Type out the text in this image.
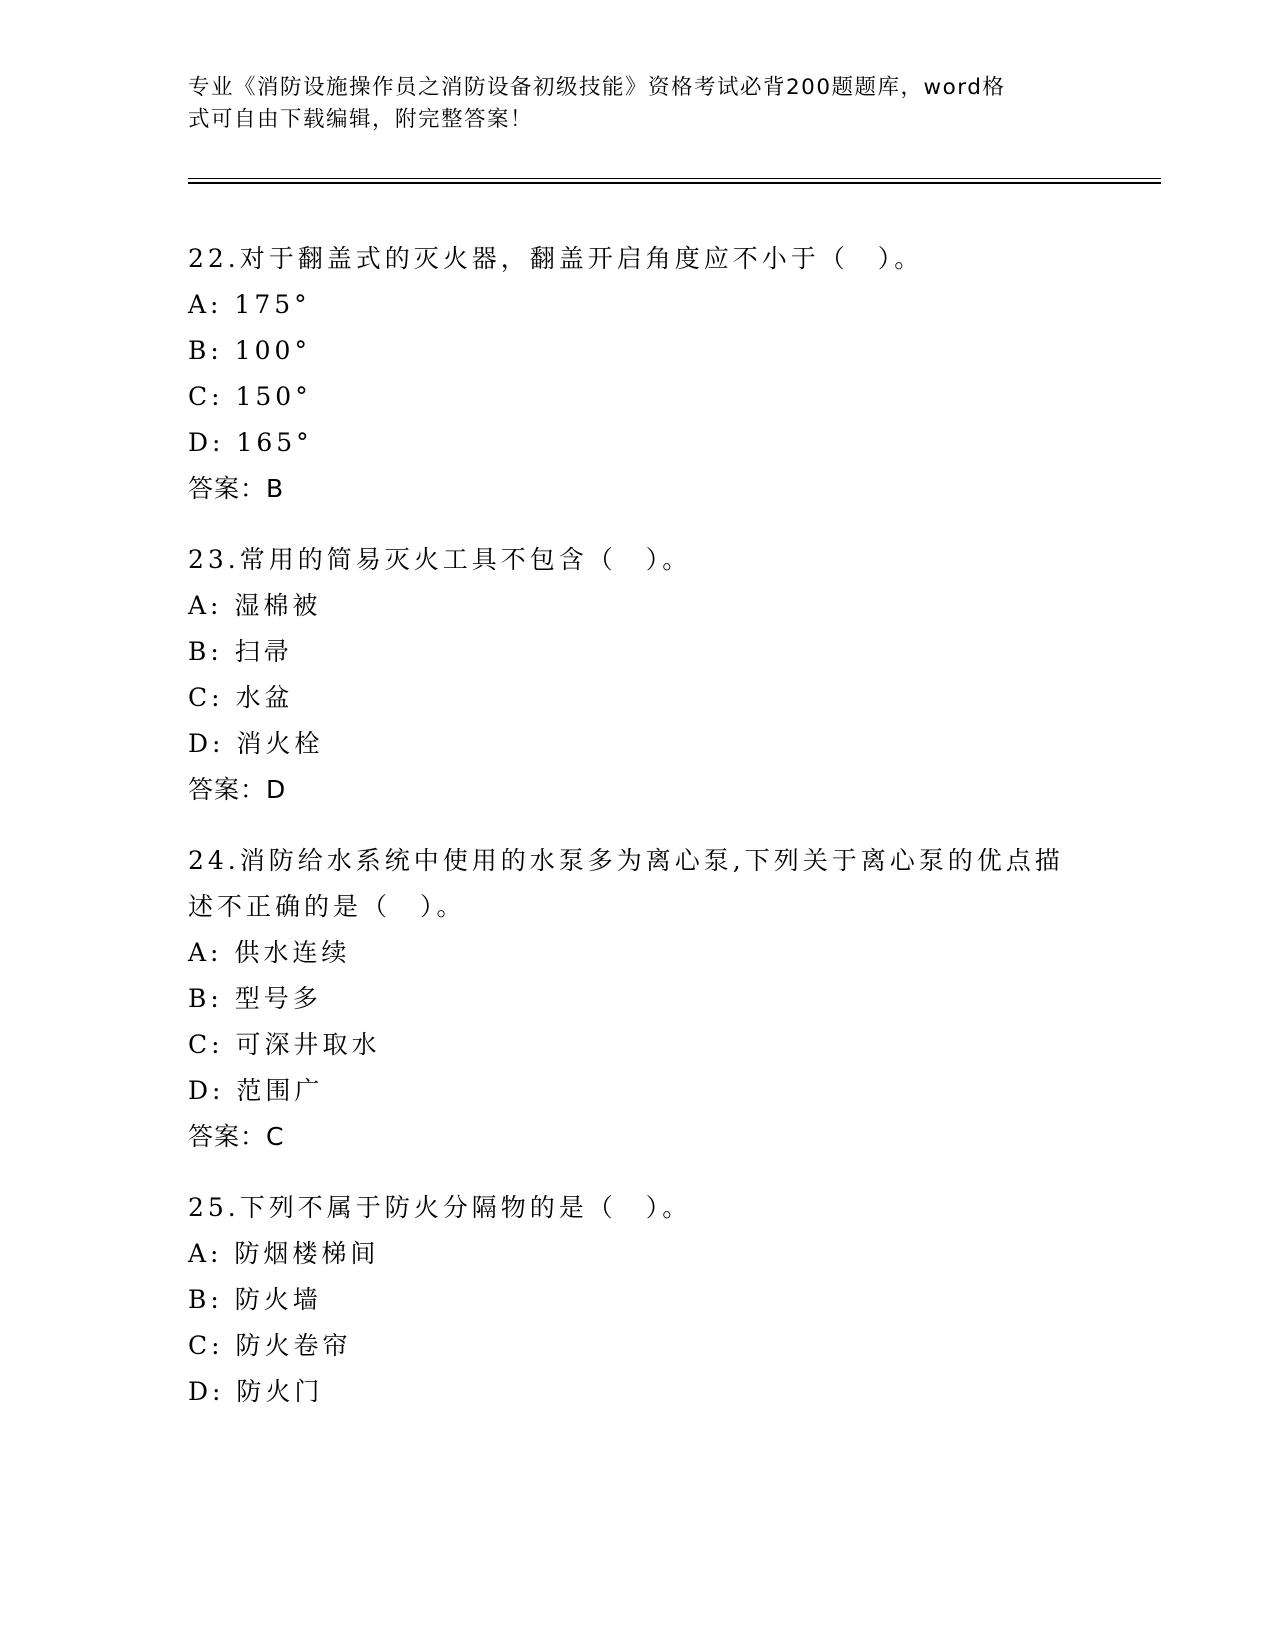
专业《消防设施操作员之消防设备初级技能》资格考试必背200题题库，word格
式可自由下载编辑，附完整答案！
22.对于翻盖式的灭火器，翻盖开启角度应不小于（　）。
A: 175°
B: 100°
C: 150°
D: 165°
答案：B
23.常用的简易灭火工具不包含（　）。
A: 湿棉被
B: 扫帚
C: 水盆
D: 消火栓
答案：D
24.消防给水系统中使用的水泵多为离心泵,下列关于离心泵的优点描
述不正确的是（　）。
A: 供水连续
B: 型号多
C: 可深井取水
D: 范围广
答案：C
25.下列不属于防火分隔物的是（　）。
A: 防烟楼梯间
B: 防火墙
C: 防火卷帘
D: 防火门
